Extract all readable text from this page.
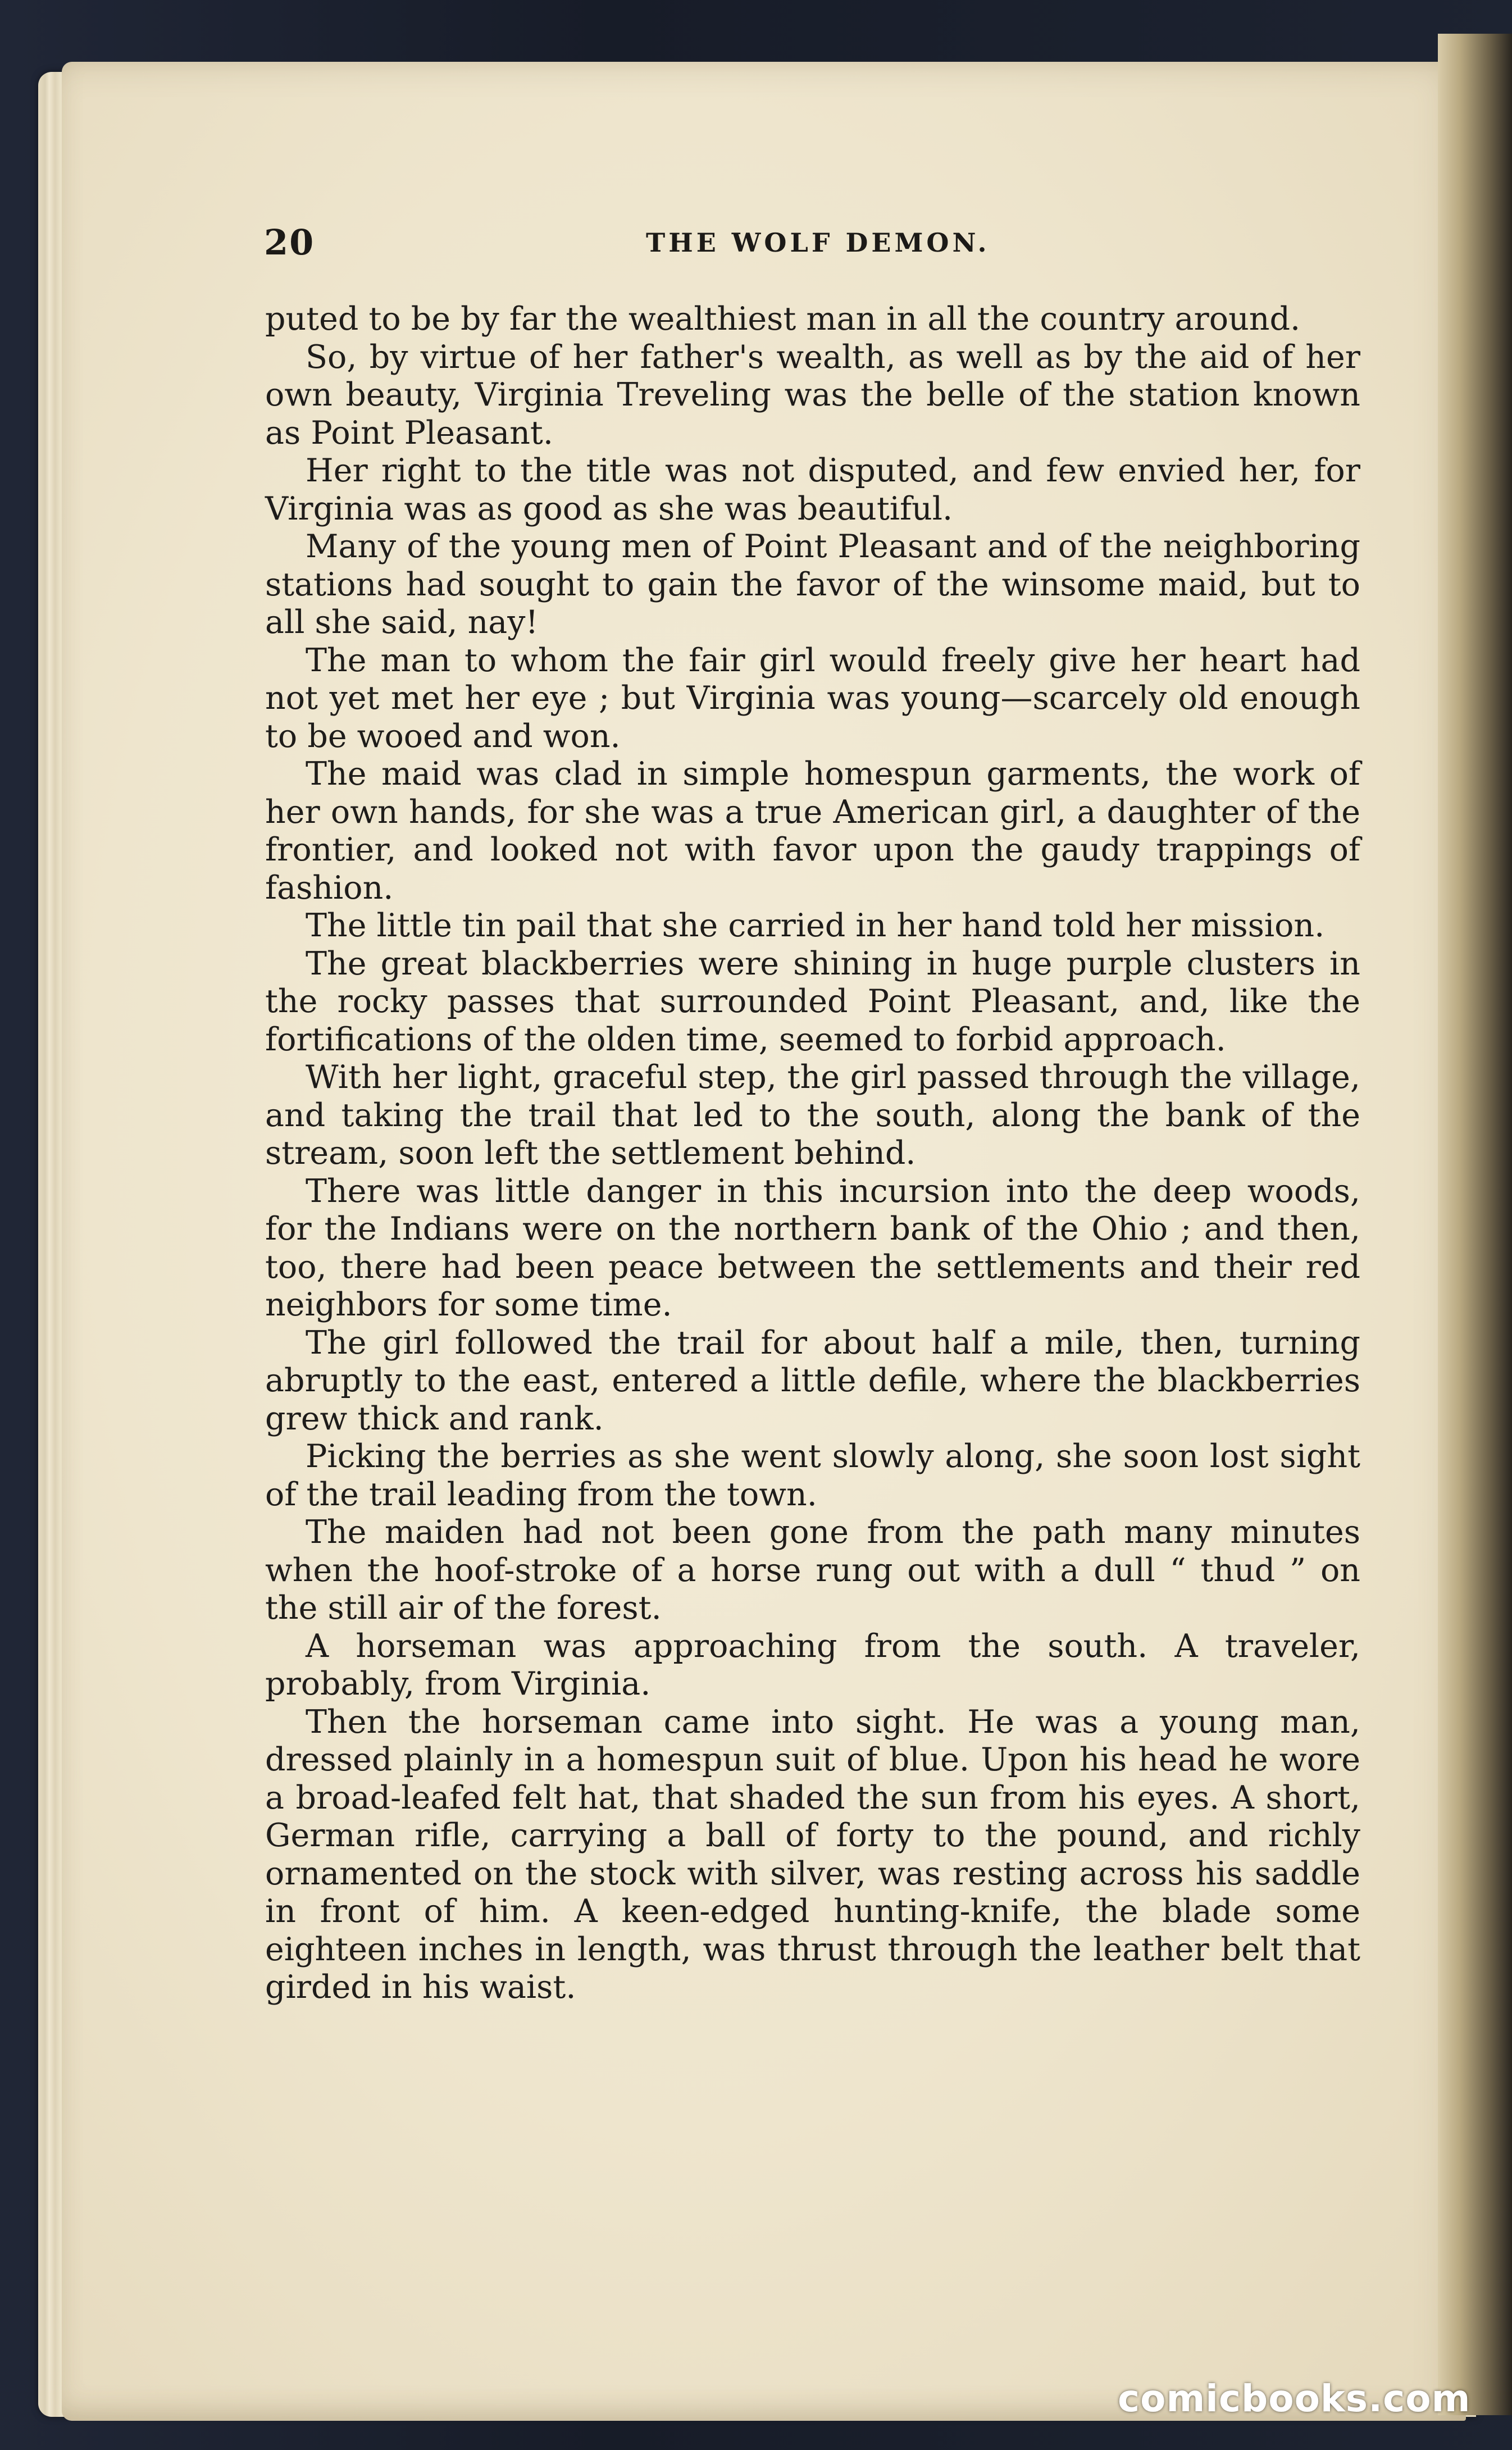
20	THE WOLF DEMON.

puted to be by far the wealthiest man in all the country around.

So, by virtue of her father's wealth, as well as by the aid of her own beauty, Virginia Treveling was the belle of the station known as Point Pleasant.

Her right to the title was not disputed, and few envied her, for Virginia was as good as she was beautiful.

Many of the young men of Point Pleasant and of the neighboring stations had sought to gain the favor of the winsome maid, but to all she said, nay!

The man to whom the fair girl would freely give her heart had not yet met her eye ; but Virginia was young—scarcely old enough to be wooed and won.

The maid was clad in simple homespun garments, the work of her own hands, for she was a true American girl, a daughter of the frontier, and looked not with favor upon the gaudy trappings of fashion.

The little tin pail that she carried in her hand told her mission.

The great blackberries were shining in huge purple clusters in the rocky passes that surrounded Point Pleasant, and, like the fortifications of the olden time, seemed to forbid approach.

With her light, graceful step, the girl passed through the village, and taking the trail that led to the south, along the bank of the stream, soon left the settlement behind.

There was little danger in this incursion into the deep woods, for the Indians were on the northern bank of the Ohio ; and then, too, there had been peace between the settlements and their red neighbors for some time.

The girl followed the trail for about half a mile, then, turning abruptly to the east, entered a little defile, where the blackberries grew thick and rank.

Picking the berries as she went slowly along, she soon lost sight of the trail leading from the town.

The maiden had not been gone from the path many minutes when the hoof-stroke of a horse rung out with a dull “ thud ” on the still air of the forest.

A horseman was approaching from the south. A traveler, probably, from Virginia.

Then the horseman came into sight. He was a young man, dressed plainly in a homespun suit of blue. Upon his head he wore a broad-leafed felt hat, that shaded the sun from his eyes. A short, German rifle, carrying a ball of forty to the pound, and richly ornamented on the stock with silver, was resting across his saddle in front of him. A keen-edged hunting-knife, the blade some eighteen inches in length, was thrust through the leather belt that girded in his waist.

comicbooks.com
